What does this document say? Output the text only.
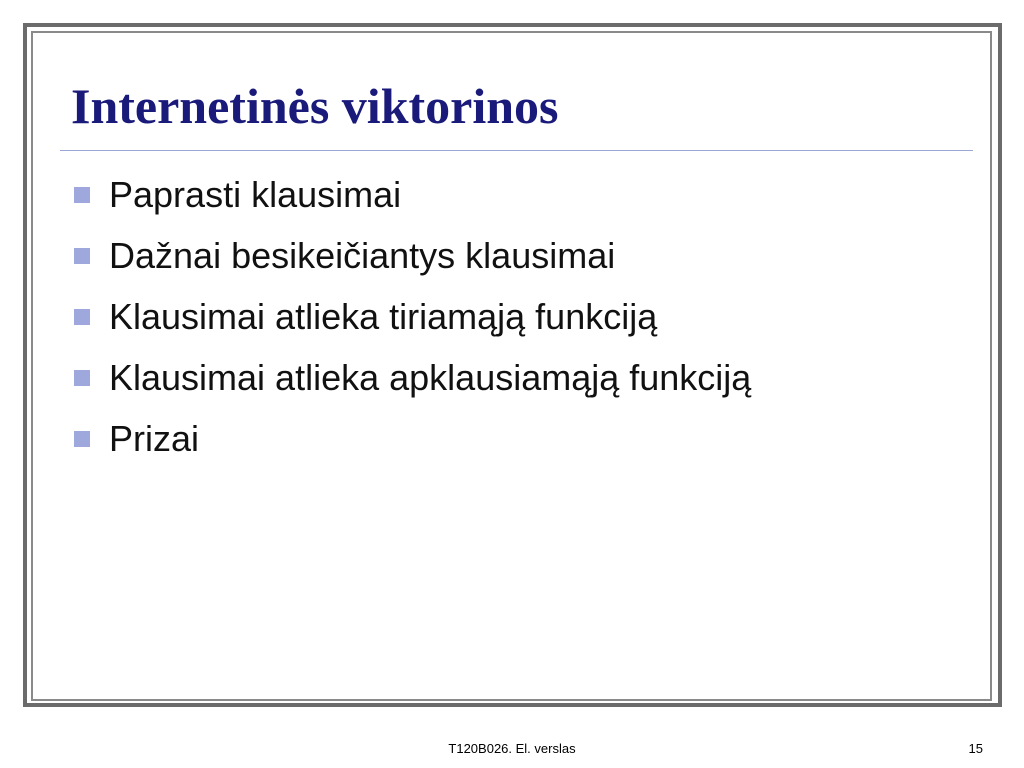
Internetinės viktorinos
Paprasti klausimai
Dažnai besikeičiantys klausimai
Klausimai atlieka tiriamąją funkciją
Klausimai atlieka apklausiamąją funkciją
Prizai
T120B026. El. verslas	15
